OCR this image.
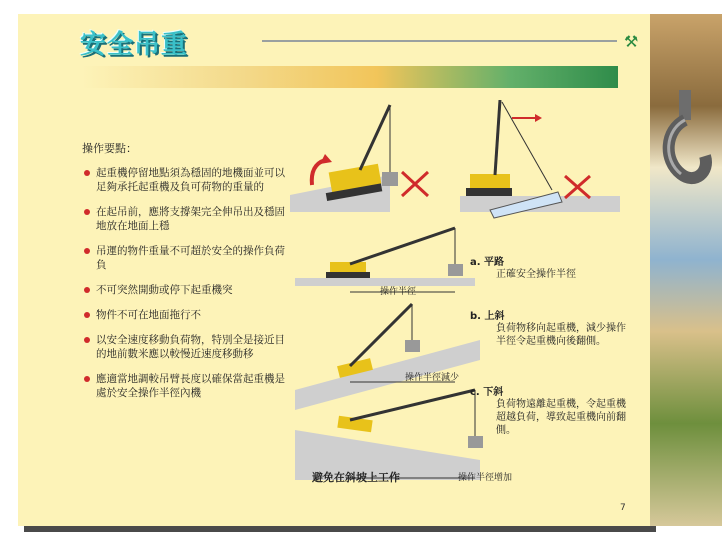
安全吊重	⚒
操作要點：
起重機停留地點須為穩固的地機面並可以足夠承托起重機及負可荷物的重量的
在起吊前，應將支撐架完全伸吊出及穩固地放在地面上穩
吊運的物件重量不可超於安全的操作負荷負
不可突然開動或停下起重機突
物件不可在地面拖行不
以安全速度移動負荷物，特別全是接近目的地前數米應以較慢近速度移動移
應適當地調較吊臂長度以確保當起重機是處於安全操作半徑內機
a. 平路
正確安全操作半徑
操作半徑
b. 上斜
負荷物移向起重機，減少操作半徑令起重機向後翻側。
操作半徑減少
c. 下斜
負荷物遠離起重機，令起重機超越負荷，導致起重機向前翻側。
避免在斜坡上工作	操作半徑增加
7
